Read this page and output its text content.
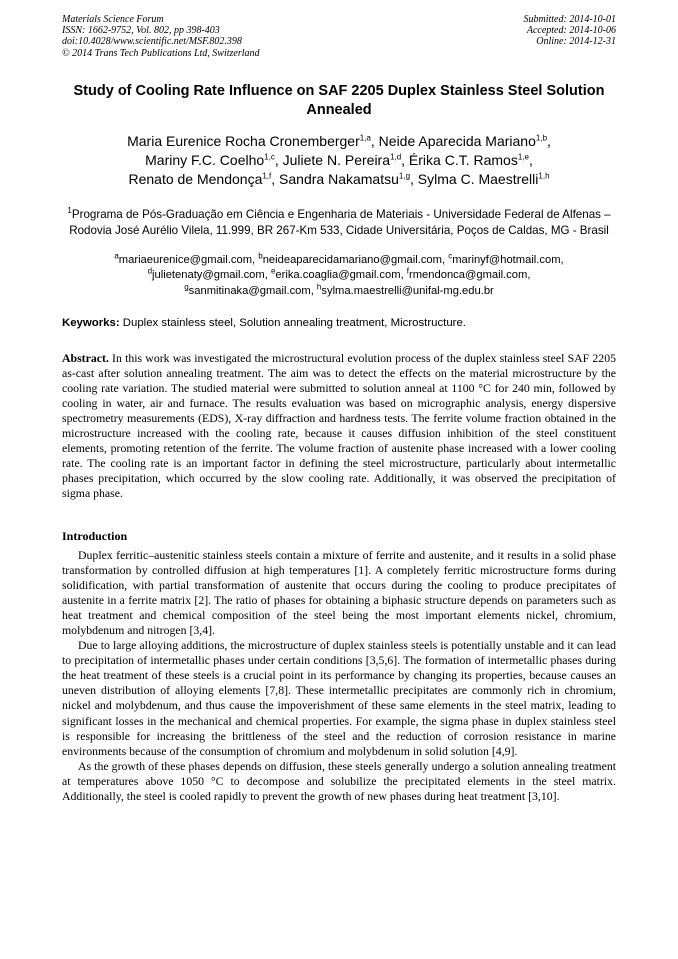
Materials Science Forum
ISSN: 1662-9752, Vol. 802, pp 398-403
doi:10.4028/www.scientific.net/MSF.802.398
© 2014 Trans Tech Publications Ltd, Switzerland
Submitted: 2014-10-01
Accepted: 2014-10-06
Online: 2014-12-31
Study of Cooling Rate Influence on SAF 2205 Duplex Stainless Steel Solution Annealed
Maria Eurenice Rocha Cronemberger$^{1,a}$, Neide Aparecida Mariano$^{1,b}$,
Mariny F.C. Coelho$^{1,c}$, Juliete N. Pereira$^{1,d}$, Érika C.T. Ramos$^{1,e}$,
Renato de Mendonça$^{1,f}$, Sandra Nakamatsu$^{1,g}$, Sylma C. Maestrelli$^{1,h}$
$^1$Programa de Pós-Graduação em Ciência e Engenharia de Materiais - Universidade Federal de Alfenas – Rodovia José Aurélio Vilela, 11.999, BR 267-Km 533, Cidade Universitária, Poços de Caldas, MG - Brasil
$^a$mariaeurenice@gmail.com, $^b$neideaparecidamariano@gmail.com, $^c$marinyf@hotmail.com,
$^d$julietenaty@gmail.com, $^e$erika.coaglia@gmail.com, $^f$rmendonca@gmail.com,
$^g$sanmitinaka@gmail.com, $^h$sylma.maestrelli@unifal-mg.edu.br
Keyworks: Duplex stainless steel, Solution annealing treatment, Microstructure.
Abstract. In this work was investigated the microstructural evolution process of the duplex stainless steel SAF 2205 as-cast after solution annealing treatment. The aim was to detect the effects on the material microstructure by the cooling rate variation. The studied material were submitted to solution anneal at 1100 °C for 240 min, followed by cooling in water, air and furnace. The results evaluation was based on micrographic analysis, energy dispersive spectrometry measurements (EDS), X-ray diffraction and hardness tests. The ferrite volume fraction obtained in the microstructure increased with the cooling rate, because it causes diffusion inhibition of the steel constituent elements, promoting retention of the ferrite. The volume fraction of austenite phase increased with a lower cooling rate. The cooling rate is an important factor in defining the steel microstructure, particularly about intermetallic phases precipitation, which occurred by the slow cooling rate. Additionally, it was observed the precipitation of sigma phase.
Introduction

Duplex ferritic–austenitic stainless steels contain a mixture of ferrite and austenite, and it results in a solid phase transformation by controlled diffusion at high temperatures [1]. A completely ferritic microstructure forms during solidification, with partial transformation of austenite that occurs during the cooling to produce precipitates of austenite in a ferrite matrix [2]. The ratio of phases for obtaining a biphasic structure depends on parameters such as heat treatment and chemical composition of the steel being the most important elements nickel, chromium, molybdenum and nitrogen [3,4].

Due to large alloying additions, the microstructure of duplex stainless steels is potentially unstable and it can lead to precipitation of intermetallic phases under certain conditions [3,5,6]. The formation of intermetallic phases during the heat treatment of these steels is a crucial point in its performance by changing its properties, because causes an uneven distribution of alloying elements [7,8]. These intermetallic precipitates are commonly rich in chromium, nickel and molybdenum, and thus cause the impoverishment of these same elements in the steel matrix, leading to significant losses in the mechanical and chemical properties. For example, the sigma phase in duplex stainless steel is responsible for increasing the brittleness of the steel and the reduction of corrosion resistance in marine environments because of the consumption of chromium and molybdenum in solid solution [4,9].

As the growth of these phases depends on diffusion, these steels generally undergo a solution annealing treatment at temperatures above 1050 °C to decompose and solubilize the precipitated elements in the steel matrix. Additionally, the steel is cooled rapidly to prevent the growth of new phases during heat treatment [3,10].
